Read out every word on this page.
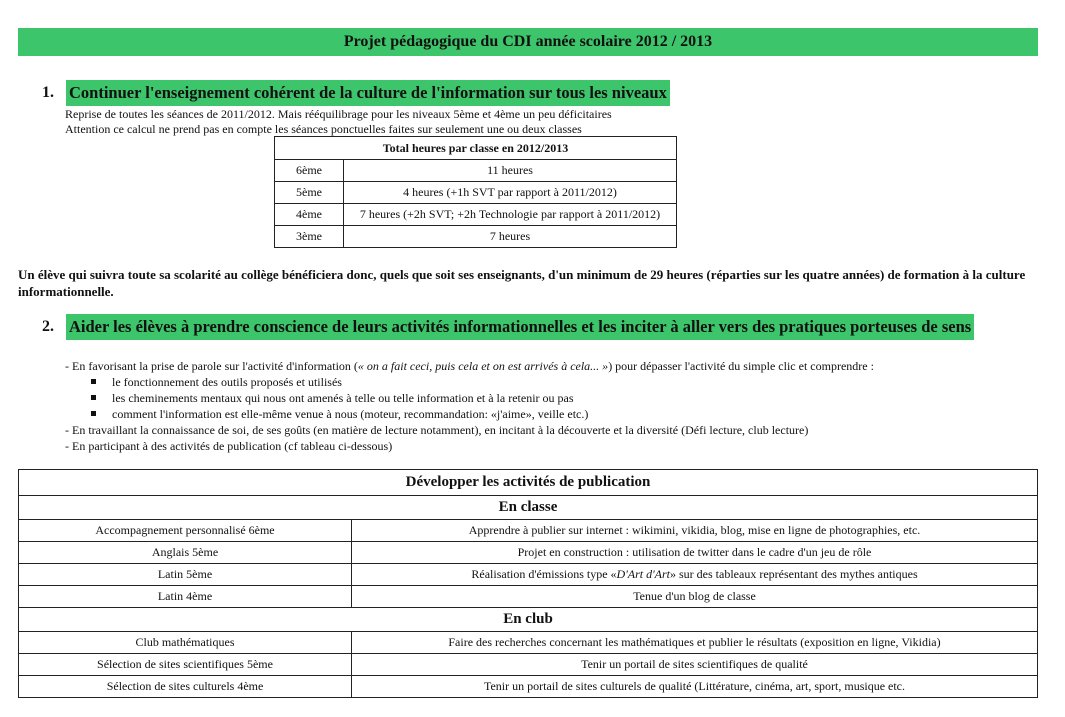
Projet pédagogique du CDI année scolaire 2012 / 2013
1. Continuer l'enseignement cohérent de la culture de l'information sur tous les niveaux
Reprise de toutes les séances de 2011/2012. Mais rééquilibrage pour les niveaux 5ème et 4ème un peu déficitaires
Attention ce calcul ne prend pas en compte les séances ponctuelles faites sur seulement une ou deux classes
Total heures par classe en 2012/2013	
6ème	11 heures
5ème	4 heures (+1h SVT par rapport à 2011/2012)
4ème	7 heures (+2h SVT; +2h Technologie par rapport à 2011/2012)
3ème	7 heures
Un élève qui suivra toute sa scolarité au collège bénéficiera donc, quels que soit ses enseignants, d'un minimum de 29 heures (réparties sur les quatre années) de formation à la culture informationnelle.
2. Aider les élèves à prendre conscience de leurs activités informationnelles et les inciter à aller vers des pratiques porteuses de sens
- En favorisant la prise de parole sur l'activité d'information (« on a fait ceci, puis cela et on est arrivés à cela... ») pour dépasser l'activité du simple clic et comprendre :
le fonctionnement des outils proposés et utilisés
les cheminements mentaux qui nous ont amenés à telle ou telle information et à la retenir ou pas
comment l'information est elle-même venue à nous (moteur, recommandation: «j'aime», veille etc.)
- En travaillant la connaissance de soi, de ses goûts (en matière de lecture notamment), en incitant à la découverte et la diversité (Défi lecture, club lecture)
- En participant à des activités de publication (cf tableau ci-dessous)
Développer les activités de publication	
En classe	
Accompagnement personnalisé 6ème	Apprendre à publier sur internet : wikimini, vikidia, blog, mise en ligne de photographies, etc.
Anglais 5ème	Projet en construction : utilisation de twitter dans le cadre d'un jeu de rôle
Latin 5ème	Réalisation d'émissions type «D'Art d'Art» sur des tableaux représentant des mythes antiques
Latin 4ème	Tenue d'un blog de classe
En club	
Club mathématiques	Faire des recherches concernant les mathématiques et publier le résultats (exposition en ligne, Vikidia)
Sélection de sites scientifiques 5ème	Tenir un portail de sites scientifiques de qualité
Sélection de sites culturels 4ème	Tenir un portail de sites culturels de qualité (Littérature, cinéma, art, sport, musique etc.
